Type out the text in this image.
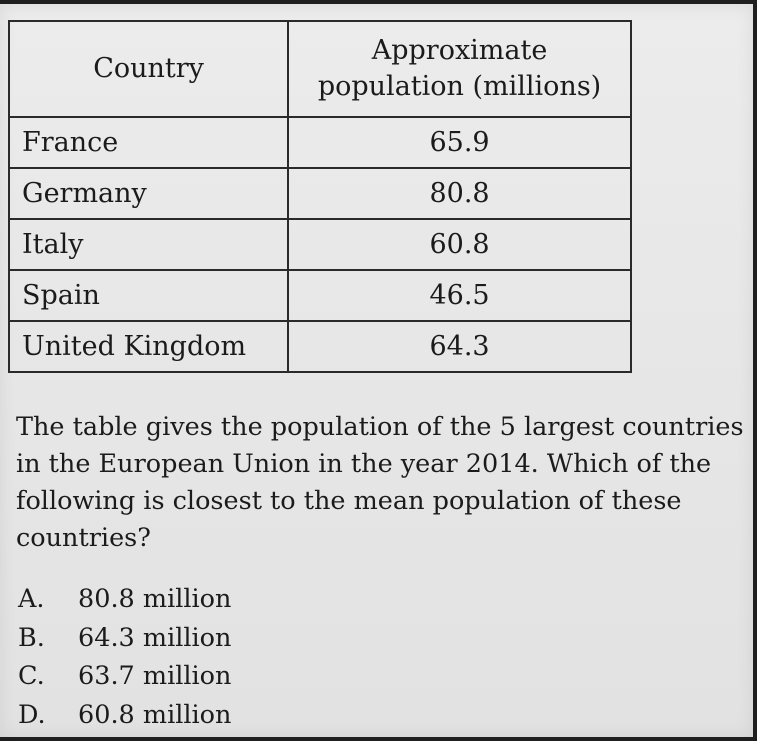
Country	Approximate
population (millions)

France	65.9
Germany	80.8
Italy	60.8
Spain	46.5
United Kingdom	64.3

The table gives the population of the 5 largest countries in the European Union in the year 2014. Which of the following is closest to the mean population of these countries?

A.	80.8 million
B.	64.3 million
C.	63.7 million
D.	60.8 million
